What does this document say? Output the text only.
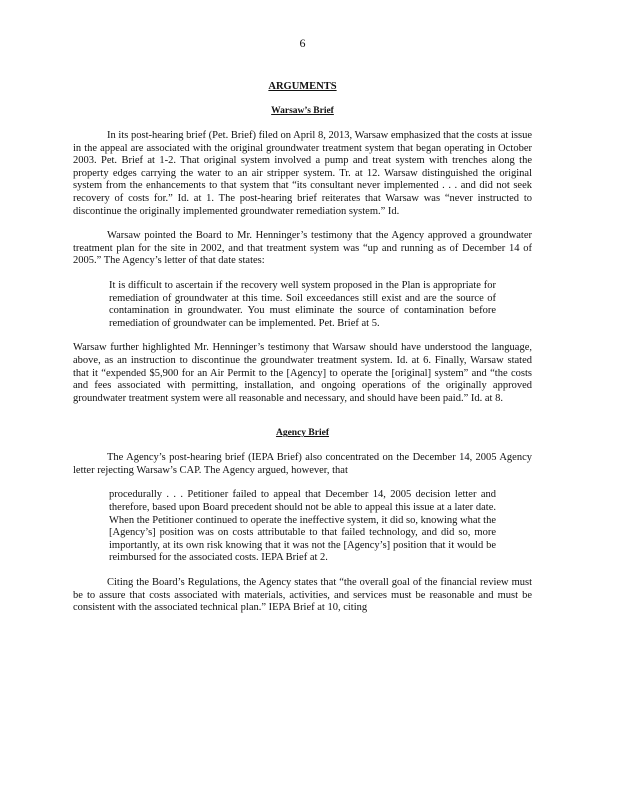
6
ARGUMENTS
Warsaw’s Brief

In its post-hearing brief (Pet. Brief) filed on April 8, 2013, Warsaw emphasized that the costs at issue in the appeal are associated with the original groundwater treatment system that began operating in October 2003. Pet. Brief at 1-2. That original system involved a pump and treat system with trenches along the property edges carrying the water to an air stripper system. Tr. at 12. Warsaw distinguished the original system from the enhancements to that system that “its consultant never implemented . . . and did not seek recovery of costs for.” Id. at 1. The post-hearing brief reiterates that Warsaw was “never instructed to discontinue the originally implemented groundwater remediation system.” Id.

Warsaw pointed the Board to Mr. Henninger’s testimony that the Agency approved a groundwater treatment plan for the site in 2002, and that treatment system was “up and running as of December 14 of 2005.” The Agency’s letter of that date states:

It is difficult to ascertain if the recovery well system proposed in the Plan is appropriate for remediation of groundwater at this time. Soil exceedances still exist and are the source of contamination in groundwater. You must eliminate the source of contamination before remediation of groundwater can be implemented. Pet. Brief at 5.

Warsaw further highlighted Mr. Henninger’s testimony that Warsaw should have understood the language, above, as an instruction to discontinue the groundwater treatment system. Id. at 6. Finally, Warsaw stated that it “expended $5,900 for an Air Permit to the [Agency] to operate the [original] system” and “the costs and fees associated with permitting, installation, and ongoing operations of the originally approved groundwater treatment system were all reasonable and necessary, and should have been paid.” Id. at 8.

Agency Brief

The Agency’s post-hearing brief (IEPA Brief) also concentrated on the December 14, 2005 Agency letter rejecting Warsaw’s CAP. The Agency argued, however, that

procedurally . . . Petitioner failed to appeal that December 14, 2005 decision letter and therefore, based upon Board precedent should not be able to appeal this issue at a later date. When the Petitioner continued to operate the ineffective system, it did so, knowing what the [Agency’s] position was on costs attributable to that failed technology, and did so, more importantly, at its own risk knowing that it was not the [Agency’s] position that it would be reimbursed for the associated costs. IEPA Brief at 2.

Citing the Board’s Regulations, the Agency states that “the overall goal of the financial review must be to assure that costs associated with materials, activities, and services must be reasonable and must be consistent with the associated technical plan.” IEPA Brief at 10, citing
